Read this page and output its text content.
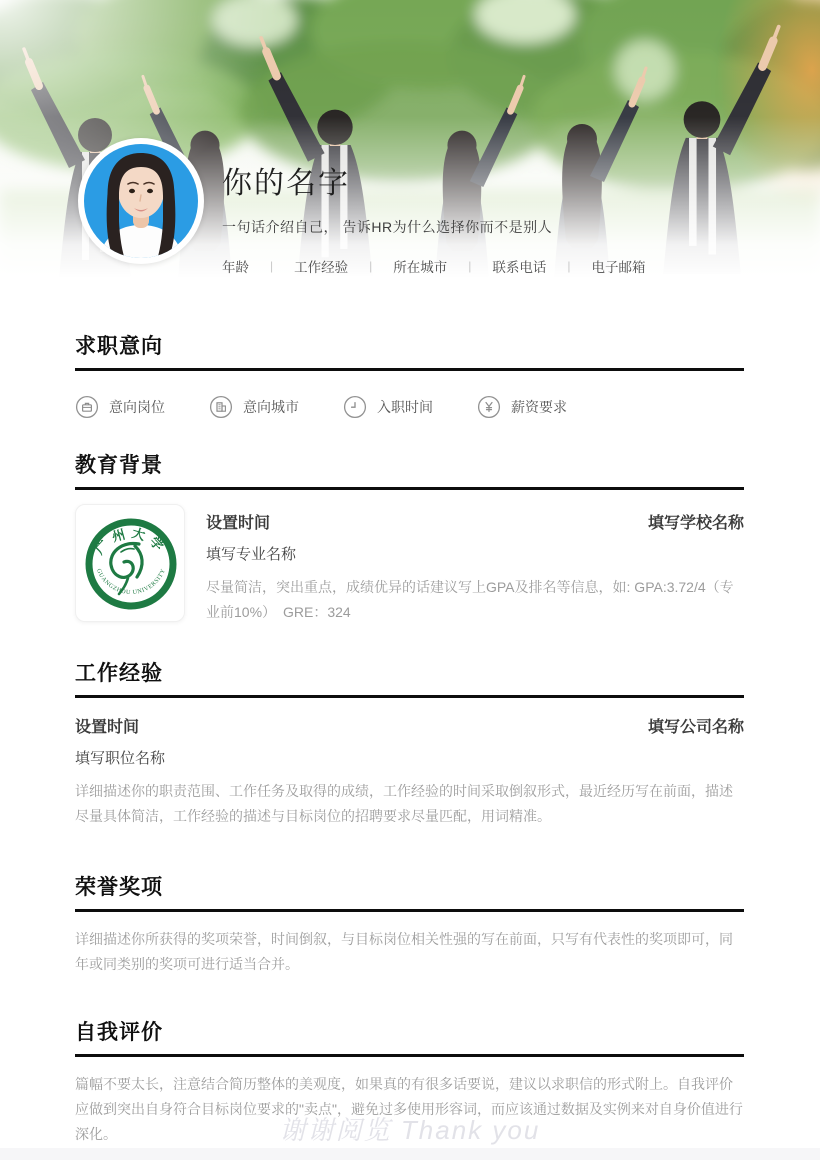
你的名字
一句话介绍自己， 告诉HR为什么选择你而不是别人
年龄 | 工作经验 | 所在城市 | 联系电话 | 电子邮箱
求职意向
意向岗位	意向城市	入职时间	薪资要求
教育背景
广州大学
GUANGZHOU UNIVERSITY
设置时间	填写学校名称
填写专业名称

尽量简洁，突出重点，成绩优异的话建议写上GPA及排名等信息，如: GPA:3.72/4（专业前10%）　GRE：324

工作经验
设置时间	填写公司名称
填写职位名称

详细描述你的职责范围、工作任务及取得的成绩，工作经验的时间采取倒叙形式，最近经历写在前面，描述尽量具体简洁，工作经验的描述与目标岗位的招聘要求尽量匹配，用词精准。

荣誉奖项

详细描述你所获得的奖项荣誉，时间倒叙，与目标岗位相关性强的写在前面，只写有代表性的奖项即可，同年或同类别的奖项可进行适当合并。

自我评价

篇幅不要太长，注意结合简历整体的美观度，如果真的有很多话要说，建议以求职信的形式附上。自我评价应做到突出自身符合目标岗位要求的"卖点"，避免过多使用形容词，而应该通过数据及实例来对自身价值进行深化。	谢谢阅览 Thank you
